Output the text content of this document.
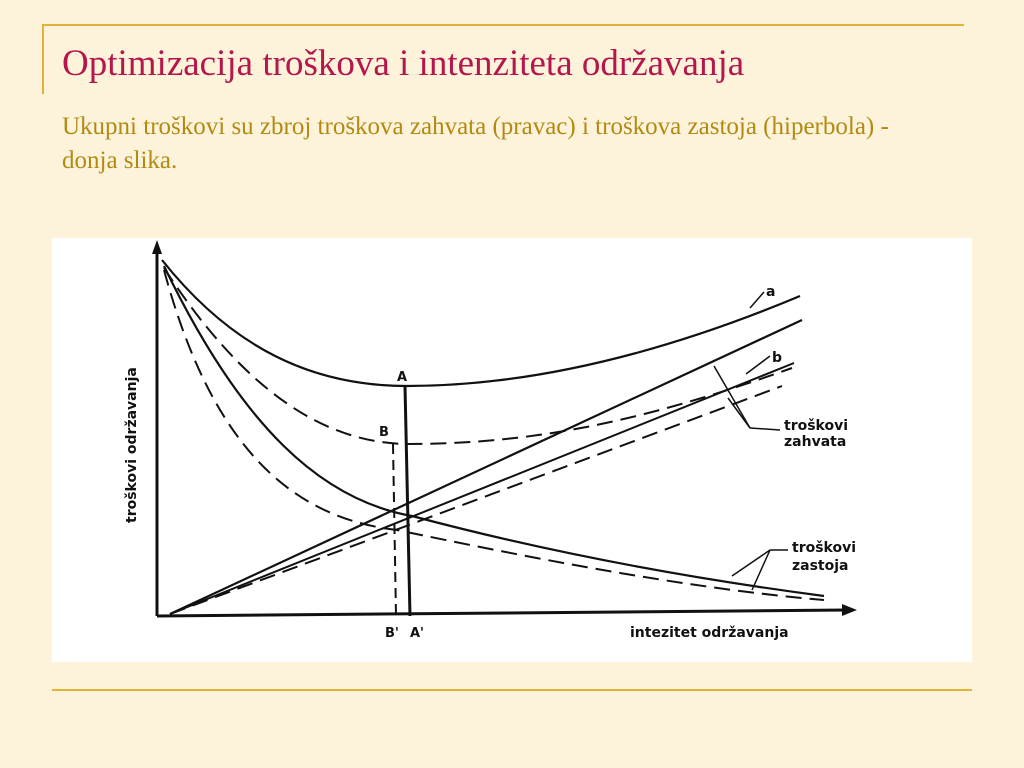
Optimizacija troškova i intenziteta održavanja
Ukupni troškovi su zbroj troškova zahvata (pravac) i troškova zastoja (hiperbola) - donja slika.
troškovi održavanja
intezitet održavanja
a
b
A
B
B' A'
troškovi
zahvata
troškovi
zastoja
